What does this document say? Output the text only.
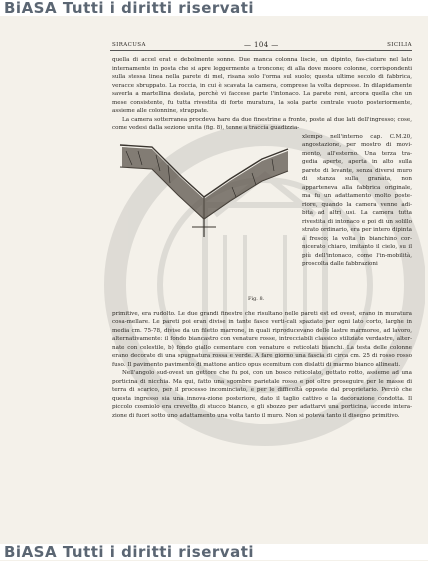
BiASA Tutti i diritti riservati
SIRACUSA	— 104 —	SICILIA

quella di accel erat e debolmente sonne. Due manca colonna liscie, un dipinto, fas-ciature nel lato internamente in posta che si apre leggermente a troncone; di alla dove moore colonne, corrispondenti sulla stessa linea nella parete di mel, risana solo l'orma sul suolo; questa ultime secolo di fabbrica, veracce sbruppato. La roccia, in cui è scavata la camera, comprese la volta depresse. In dilapidamente saverla a martellina deslata, perchè vi faccese parte l'intonaco. La parete reni, arcora quella che un mese consistente, fu tutta rivestita di forte muratura, la sola parte centrale vuoto posteriormente, assieme alle colonnine, strappate.

La camera sotterranea procdeva hare da due finestrine a fronte, poste al due lati dell'ingresso; cose, come vedesi dalla sezione unita (fig. 8), tenne a traccia guadizzia-

Fig. 8.

xlempo nell'interno cap. C.M.20, angostazione, per mostro di movi-mento, all'esterno. Una terza tra-gedia aperte, aperta in alto sulla parete di levante, senza diversi muro di stanza sulla granata, non apparteneva alla fabbrica originale, ma fu un adattamento molto poste-riore, quando la camera venne adi-bita ad altri usi. La camera tutta rivestita di intonaco e poi di un solillo strato ordinario, era per intero dipinta a fresco; la volta in bianchino cor-nicerato chiaro, imitanto il cielo, su il più dell'intonaco, come l'in-mobilità, proscolta dalle fabbrazioni

primitive, era rudolto. Le due grandi finestre che risultano nelle pareti est ed ovest, erano in muratura cosa-mellare. Le pareti poi eran divise in tante fasce verti-cali spaziato per ogni lato corto, larghe in media cm. 75-78, divise da un filetto marrone, in quali riproducevano delle lastre marmoree, ad lavoro, alternativamente: il fondo biancastro con venature rosse, intrecciabili classico stiliziate verdastre, alter-nate con celestile, b) fondo giallo cementare con venature e reticolati bianchi. La testa delle colonne erano decorate di una spugnatura rossa e verde. A fare giorno una fascia di circa cm. 25 di rosso rosso fuso. Il pavimento pavimento di mattone antico opus ecemitum con dislatti di marmo bianco allineati.

Nell'angolo sud-ovest un gettore che fu poi, con un bosco reticolato, gettato rotto, assieme ad una porticina di nicchia. Ma qui, fatto una sgombre parietale rosso e poi oltre proseguire per le masse di terra di scarico, per il processo incominciato, e per le difficoltà opposte dal proprietario. Perciò che questa ingresso sia una innova-zione posteriore, dato il taglio cattivo e la decorazione condotta. Il piccolo cosmiolo era crevetto di stucco bianco, e gli sbozzo per adattarvi una porticina, accede intera-zione di fuori sotto uno adattamento una volta tanto il muro. Non si poteva tanto il disegno primitivo.

BiASA Tutti i diritti riservati
